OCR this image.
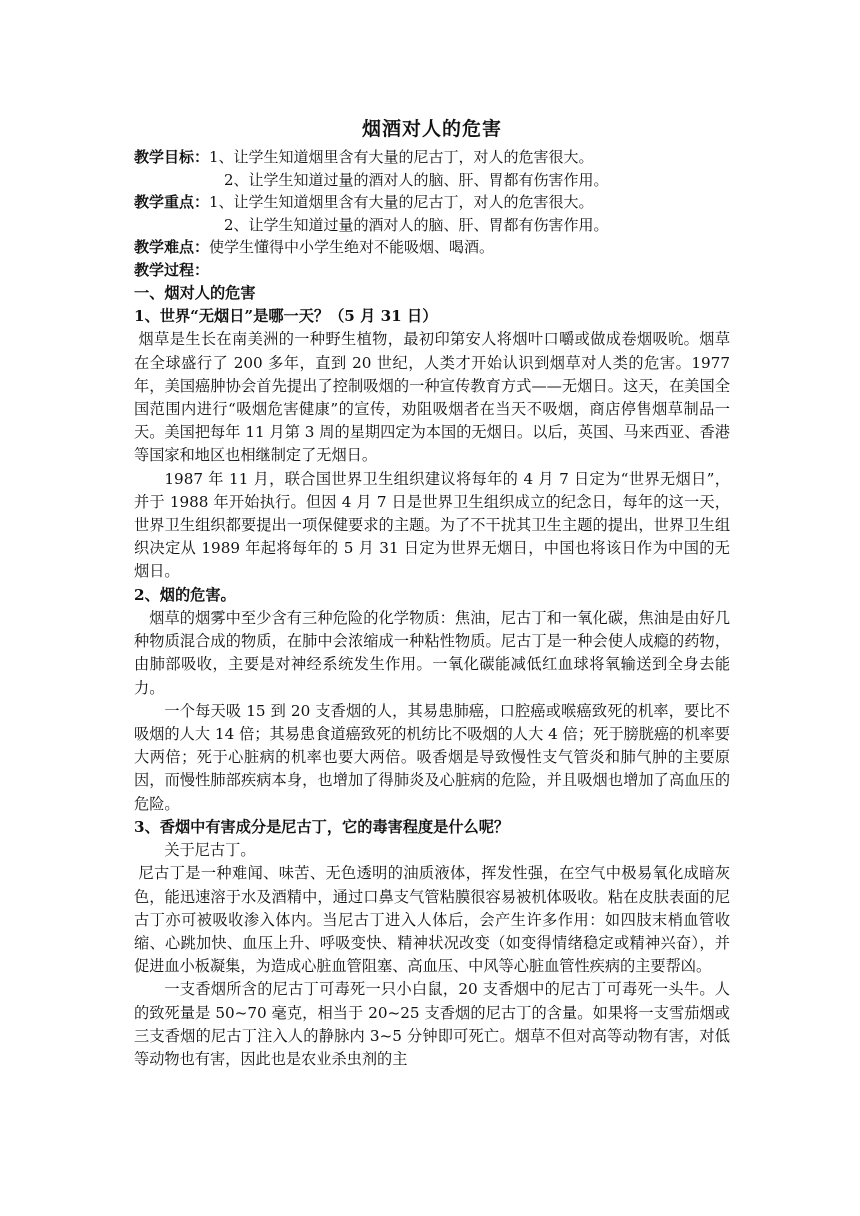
烟酒对人的危害

教学目标：1、让学生知道烟里含有大量的尼古丁，对人的危害很大。

2、让学生知道过量的酒对人的脑、肝、胃都有伤害作用。

教学重点：1、让学生知道烟里含有大量的尼古丁，对人的危害很大。

2、让学生知道过量的酒对人的脑、肝、胃都有伤害作用。

教学难点：使学生懂得中小学生绝对不能吸烟、喝酒。

教学过程：

一、烟对人的危害

1、世界“无烟日”是哪一天？（5 月 31 日）

烟草是生长在南美洲的一种野生植物，最初印第安人将烟叶口嚼或做成卷烟吸吮。烟草在全球盛行了 200 多年，直到 20 世纪，人类才开始认识到烟草对人类的危害。1977 年，美国癌肿协会首先提出了控制吸烟的一种宣传教育方式——无烟日。这天，在美国全国范围内进行“吸烟危害健康”的宣传，劝阻吸烟者在当天不吸烟，商店停售烟草制品一天。美国把每年 11 月第 3 周的星期四定为本国的无烟日。以后，英国、马来西亚、香港等国家和地区也相继制定了无烟日。

1987 年 11 月，联合国世界卫生组织建议将每年的 4 月 7 日定为“世界无烟日”，并于 1988 年开始执行。但因 4 月 7 日是世界卫生组织成立的纪念日，每年的这一天，世界卫生组织都要提出一项保健要求的主题。为了不干扰其卫生主题的提出，世界卫生组织决定从 1989 年起将每年的 5 月 31 日定为世界无烟日，中国也将该日作为中国的无烟日。

2、烟的危害。

烟草的烟雾中至少含有三种危险的化学物质：焦油，尼古丁和一氧化碳，焦油是由好几种物质混合成的物质，在肺中会浓缩成一种粘性物质。尼古丁是一种会使人成瘾的药物，由肺部吸收，主要是对神经系统发生作用。一氧化碳能减低红血球将氧输送到全身去能力。

一个每天吸 15 到 20 支香烟的人，其易患肺癌，口腔癌或喉癌致死的机率，要比不吸烟的人大 14 倍；其易患食道癌致死的机纺比不吸烟的人大 4 倍；死于膀胱癌的机率要大两倍；死于心脏病的机率也要大两倍。吸香烟是导致慢性支气管炎和肺气肿的主要原因，而慢性肺部疾病本身，也增加了得肺炎及心脏病的危险，并且吸烟也增加了高血压的危险。

3、香烟中有害成分是尼古丁，它的毒害程度是什么呢？

关于尼古丁。

尼古丁是一种难闻、味苦、无色透明的油质液体，挥发性强，在空气中极易氧化成暗灰色，能迅速溶于水及酒精中，通过口鼻支气管粘膜很容易被机体吸收。粘在皮肤表面的尼古丁亦可被吸收渗入体内。当尼古丁进入人体后，会产生许多作用：如四肢末梢血管收缩、心跳加快、血压上升、呼吸变快、精神状况改变（如变得情绪稳定或精神兴奋），并促进血小板凝集，为造成心脏血管阻塞、高血压、中风等心脏血管性疾病的主要帮凶。

一支香烟所含的尼古丁可毒死一只小白鼠，20 支香烟中的尼古丁可毒死一头牛。人的致死量是 50~70 毫克，相当于 20~25 支香烟的尼古丁的含量。如果将一支雪茄烟或三支香烟的尼古丁注入人的静脉内 3~5 分钟即可死亡。烟草不但对高等动物有害，对低等动物也有害，因此也是农业杀虫剂的主
